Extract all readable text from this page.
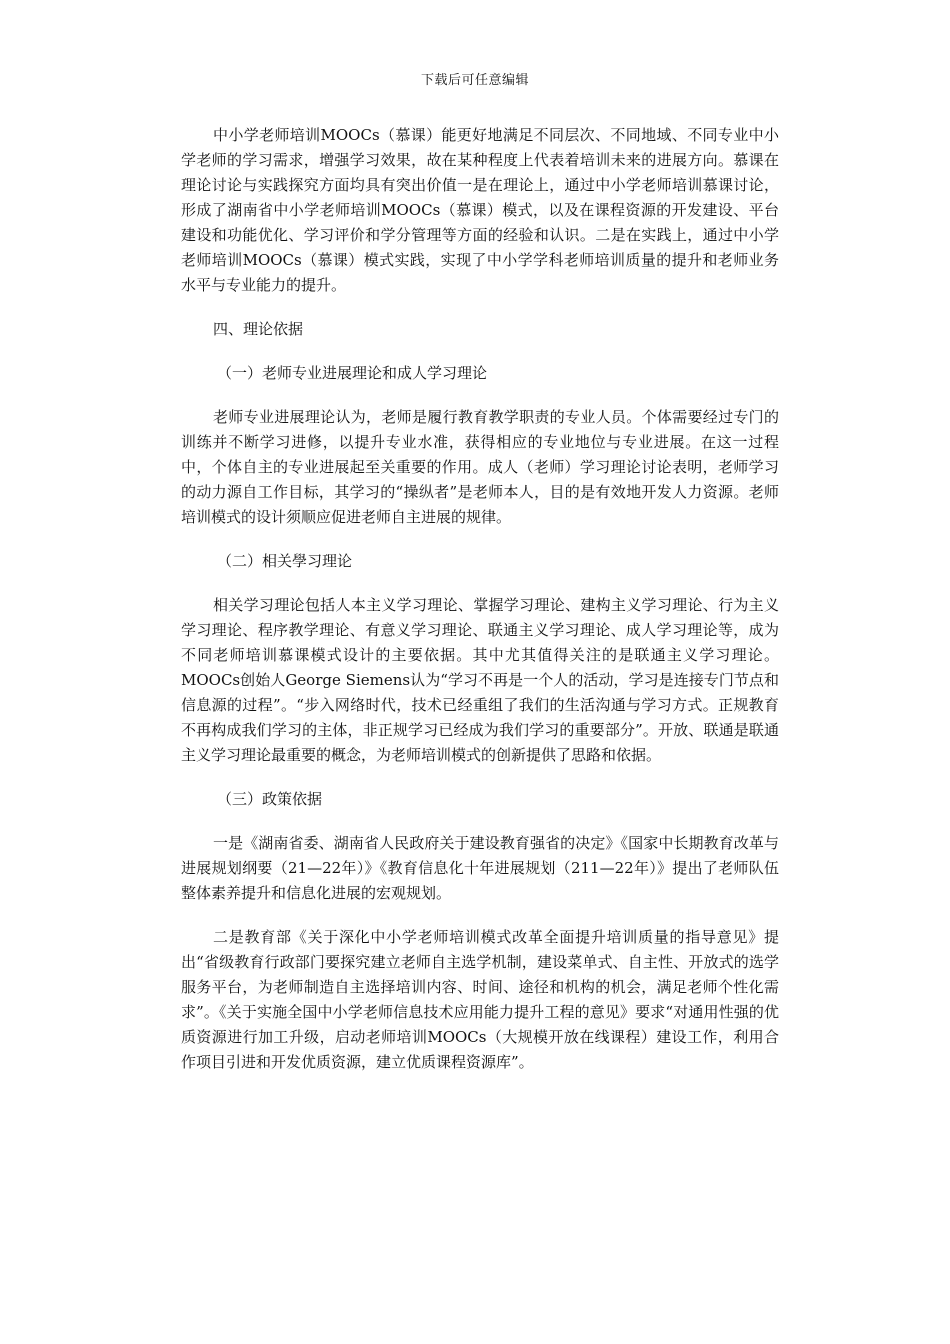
下载后可任意编辑

中小学老师培训MOOCs（慕课）能更好地满足不同层次、不同地域、不同专业中小学老师的学习需求，增强学习效果，故在某种程度上代表着培训未来的进展方向。慕课在理论讨论与实践探究方面均具有突出价值一是在理论上，通过中小学老师培训慕课讨论，形成了湖南省中小学老师培训MOOCs（慕课）模式，以及在课程资源的开发建设、平台建设和功能优化、学习评价和学分管理等方面的经验和认识。二是在实践上，通过中小学老师培训MOOCs（慕课）模式实践，实现了中小学学科老师培训质量的提升和老师业务水平与专业能力的提升。

四、理论依据

（一）老师专业进展理论和成人学习理论

老师专业进展理论认为，老师是履行教育教学职责的专业人员。个体需要经过专门的训练并不断学习进修，以提升专业水准，获得相应的专业地位与专业进展。在这一过程中，个体自主的专业进展起至关重要的作用。成人（老师）学习理论讨论表明，老师学习的动力源自工作目标，其学习的“操纵者”是老师本人，目的是有效地开发人力资源。老师培训模式的设计须顺应促进老师自主进展的规律。

（二）相关學习理论

相关学习理论包括人本主义学习理论、掌握学习理论、建构主义学习理论、行为主义学习理论、程序教学理论、有意义学习理论、联通主义学习理论、成人学习理论等，成为不同老师培训慕课模式设计的主要依据。其中尤其值得关注的是联通主义学习理论。MOOCs创始人George Siemens认为“学习不再是一个人的活动，学习是连接专门节点和信息源的过程”。“步入网络时代，技术已经重组了我们的生活沟通与学习方式。正规教育不再构成我们学习的主体，非正规学习已经成为我们学习的重要部分”。开放、联通是联通主义学习理论最重要的概念，为老师培训模式的创新提供了思路和依据。

（三）政策依据

一是《湖南省委、湖南省人民政府关于建设教育强省的决定》《国家中长期教育改革与进展规划纲要（21—22年）》《教育信息化十年进展规划（211—22年）》提出了老师队伍整体素养提升和信息化进展的宏观规划。

二是教育部《关于深化中小学老师培训模式改革全面提升培训质量的指导意见》提出“省级教育行政部门要探究建立老师自主选学机制，建设菜单式、自主性、开放式的选学服务平台，为老师制造自主选择培训内容、时间、途径和机构的机会，满足老师个性化需求”。《关于实施全国中小学老师信息技术应用能力提升工程的意见》要求“对通用性强的优质资源进行加工升级，启动老师培训MOOCs（大规模开放在线课程）建设工作，利用合作项目引进和开发优质资源，建立优质课程资源库”。
